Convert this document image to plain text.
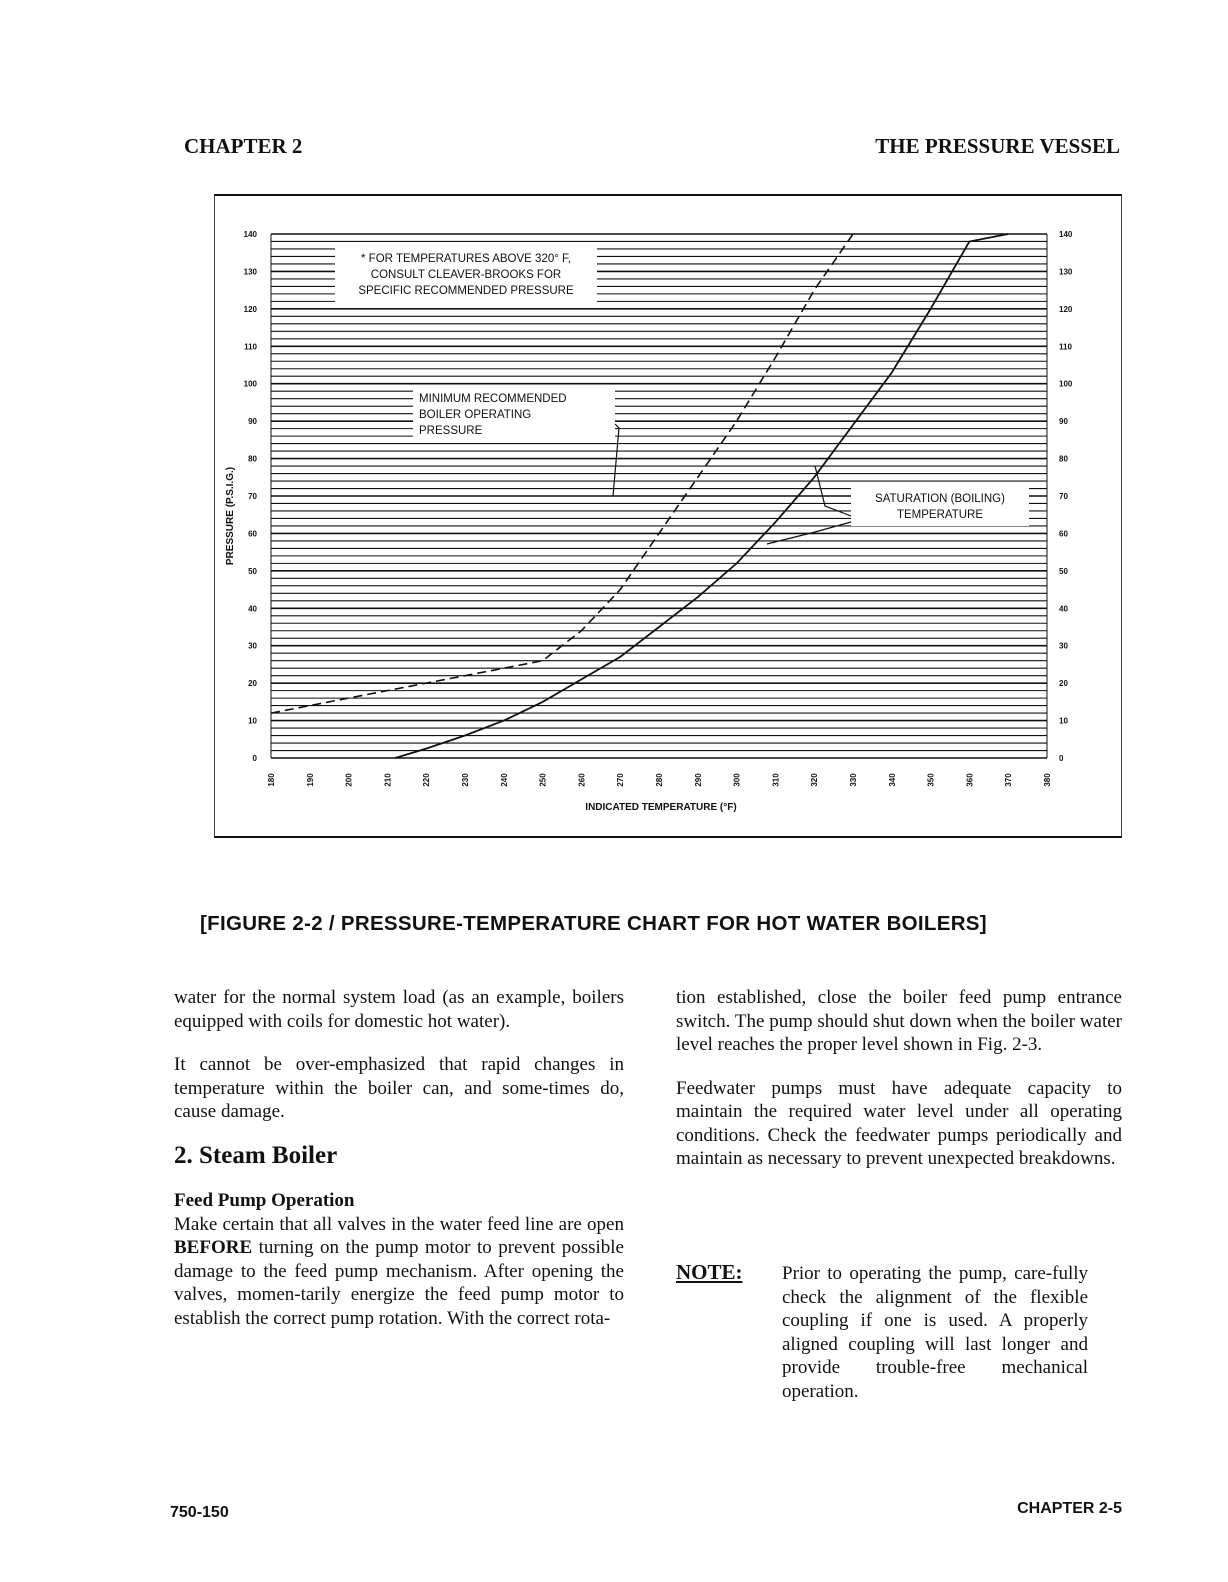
CHAPTER 2	THE PRESSURE VESSEL
0	0
10	10
20	20
30	30
40	40
50	50
60	60
70	70
80	80
90	90
100	100
110	110
120	120
130	130
140	140
180	190	200	210	220	230	240	250	260	270	280	290	300	310	320	330	340	350	360	370	380
* FOR TEMPERATURES ABOVE 320° F,
CONSULT CLEAVER-BROOKS FOR
SPECIFIC RECOMMENDED PRESSURE
MINIMUM RECOMMENDED
BOILER OPERATING
PRESSURE
SATURATION (BOILING)
TEMPERATURE
PRESSURE (P.S.I.G.)
INDICATED TEMPERATURE (°F)
[FIGURE 2-2 / PRESSURE-TEMPERATURE CHART FOR HOT WATER BOILERS]

water for the normal system load (as an example, boilers equipped with coils for domestic hot water).

It cannot be over-emphasized that rapid changes in temperature within the boiler can, and some-times do, cause damage.

2. Steam Boiler
Feed Pump Operation

Make certain that all valves in the water feed line are open BEFORE turning on the pump motor to prevent possible damage to the feed pump mechanism. After opening the valves, momen-tarily energize the feed pump motor to establish the correct pump rotation. With the correct rota-

tion established, close the boiler feed pump entrance switch. The pump should shut down when the boiler water level reaches the proper level shown in Fig. 2-3.

Feedwater pumps must have adequate capacity to maintain the required water level under all operating conditions. Check the feedwater pumps periodically and maintain as necessary to prevent unexpected breakdowns.

NOTE: Prior to operating the pump, care-fully check the alignment of the flexible coupling if one is used. A properly aligned coupling will last longer and provide trouble-free mechanical operation.
750-150	CHAPTER 2-5
